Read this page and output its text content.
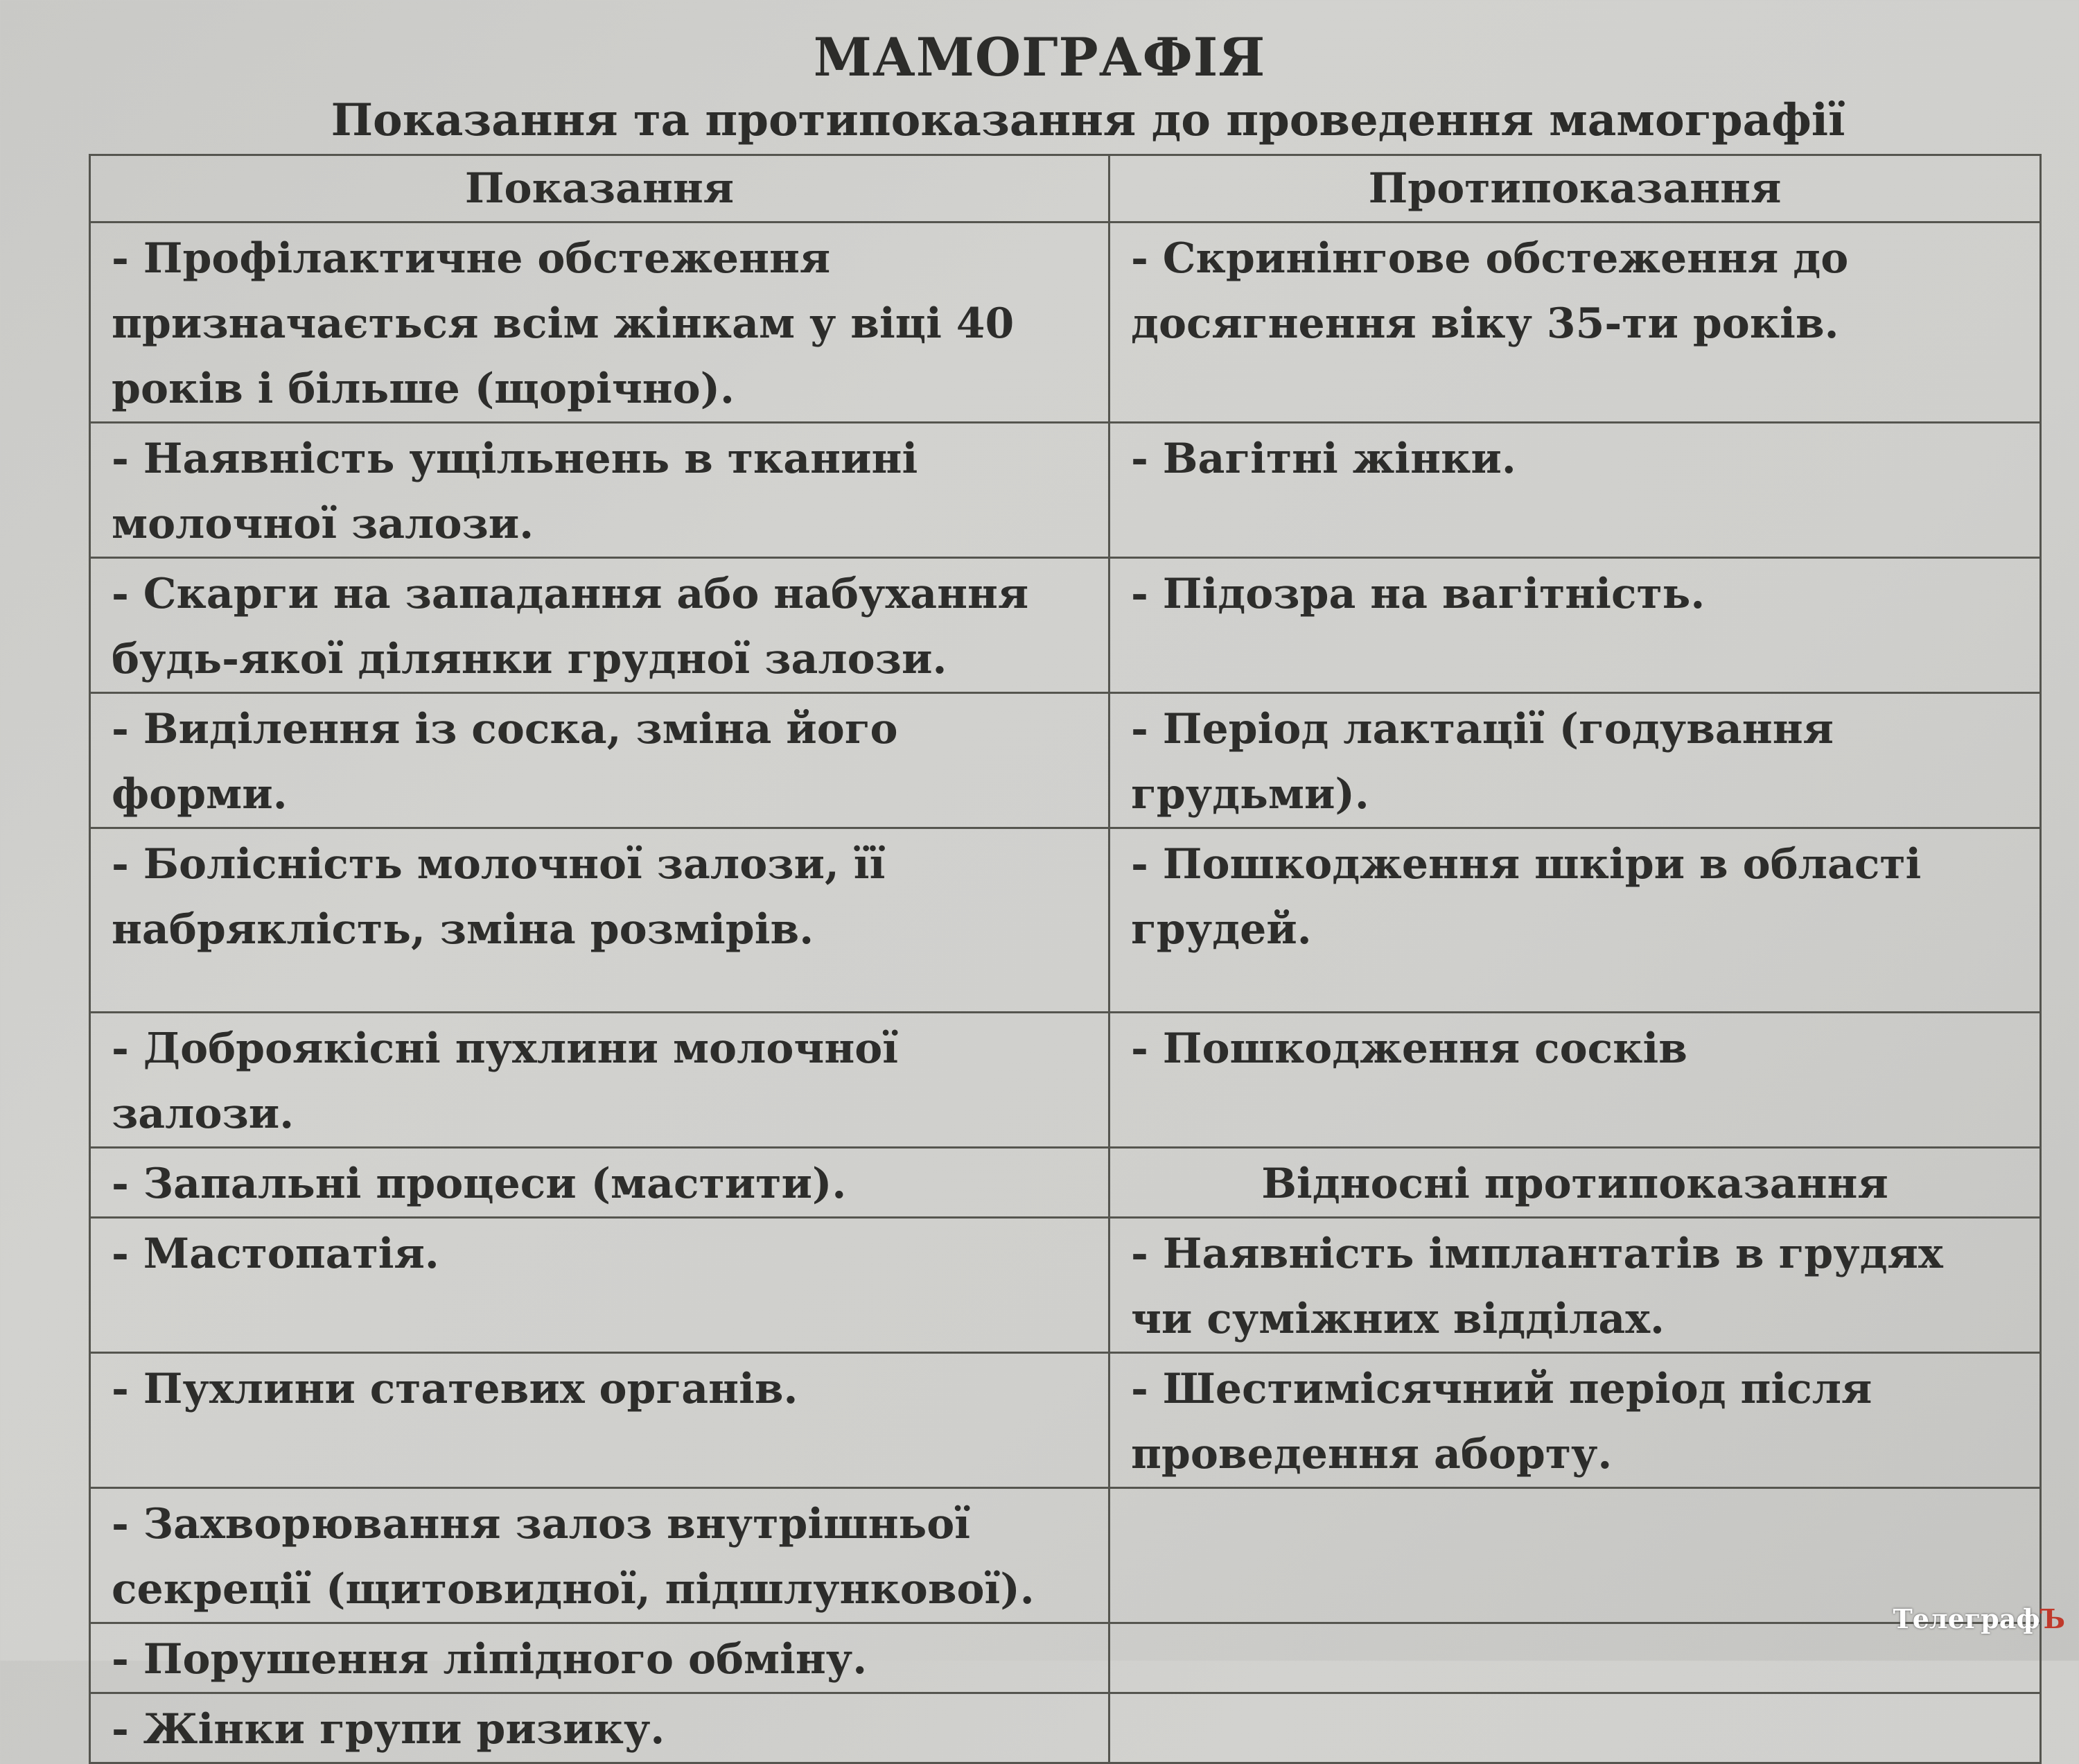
МАМОГРАФІЯ
Показання та протипоказання до проведення мамографії
Показання	Протипоказання
- Профілактичне обстеження призначається всім жінкам у віці 40 років і більше (щорічно).	- Скринінгове обстеження до досягнення віку 35-ти років.
- Наявність ущільнень в тканині молочної залози.	- Вагітні жінки.
- Скарги на западання або набухання будь-якої ділянки грудної залози.	- Підозра на вагітність.
- Виділення із соска, зміна його форми.	- Період лактації (годування грудьми).
- Болісність молочної залози, її набряклість, зміна розмірів.	- Пошкодження шкіри в області грудей.
- Доброякісні пухлини молочної залози.	- Пошкодження сосків
- Запальні процеси (мастити).	Відносні протипоказання
- Мастопатія.	- Наявність імплантатів в грудях чи суміжних відділах.
- Пухлини статевих органів.	- Шестимісячний період після проведення аборту.
- Захворювання залоз внутрішньої секреції (щитовидної, підшлункової).	
- Порушення ліпідного обміну.	
- Жінки групи ризику.	
ТелеграфЪ
